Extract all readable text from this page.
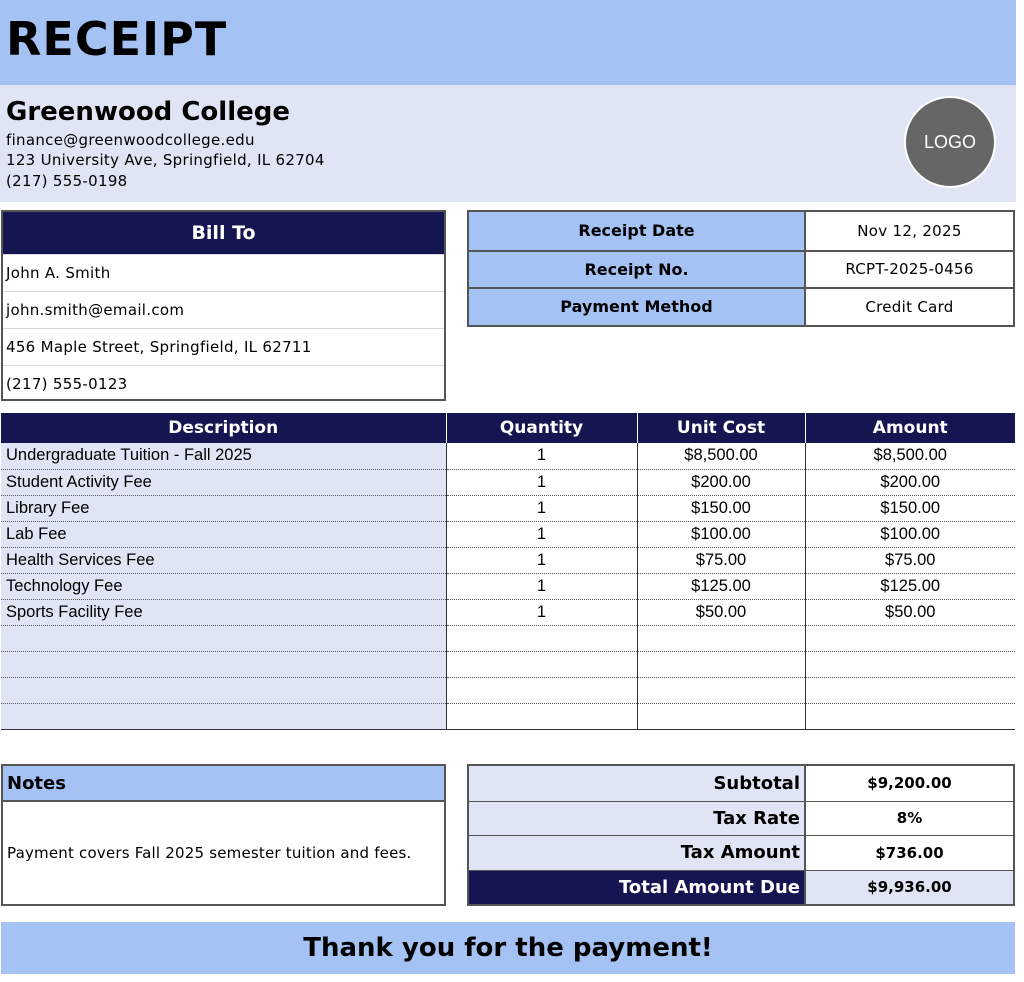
RECEIPT
Greenwood College
finance@greenwoodcollege.edu
123 University Ave, Springfield, IL 62704
(217) 555-0198
LOGO
Bill To
John A. Smith
john.smith@email.com
456 Maple Street, Springfield, IL 62711
(217) 555-0123
Receipt Date	Nov 12, 2025
Receipt No.	RCPT-2025-0456
Payment Method	Credit Card
Description	Quantity	Unit Cost	Amount
Undergraduate Tuition - Fall 2025	1	$8,500.00	$8,500.00
Student Activity Fee	1	$200.00	$200.00
Library Fee	1	$150.00	$150.00
Lab Fee	1	$100.00	$100.00
Health Services Fee	1	$75.00	$75.00
Technology Fee	1	$125.00	$125.00
Sports Facility Fee	1	$50.00	$50.00

Notes
Payment covers Fall 2025 semester tuition and fees.
Subtotal	$9,200.00
Tax Rate	8%
Tax Amount	$736.00
Total Amount Due	$9,936.00
Thank you for the payment!
